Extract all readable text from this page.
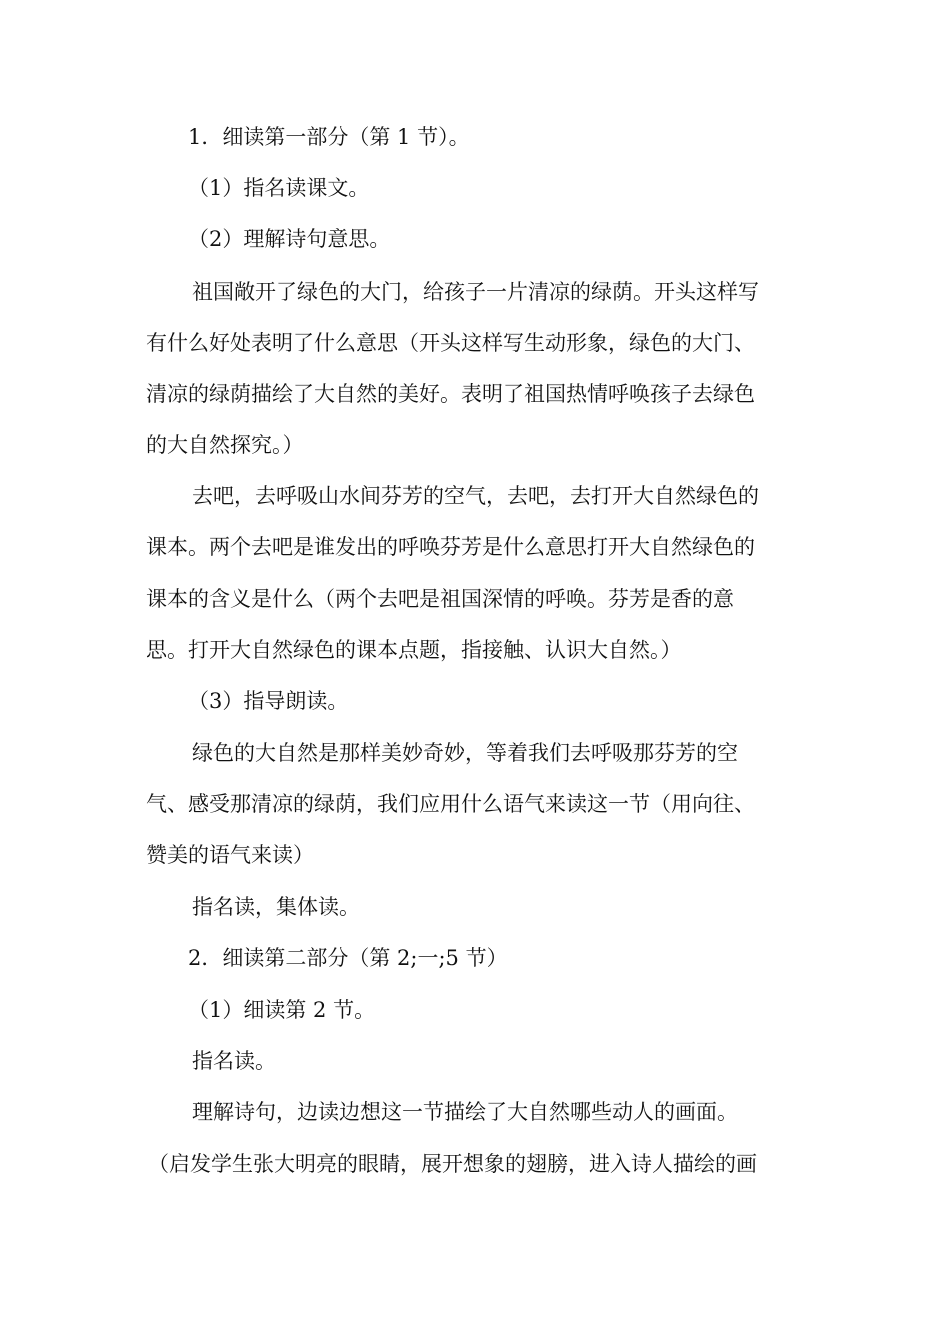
1．细读第一部分（第 1 节）。

（1）指名读课文。

（2）理解诗句意思。

祖国敞开了绿色的大门，给孩子一片清凉的绿荫。开头这样写

有什么好处表明了什么意思（开头这样写生动形象，绿色的大门、

清凉的绿荫描绘了大自然的美好。表明了祖国热情呼唤孩子去绿色

的大自然探究。）

去吧，去呼吸山水间芬芳的空气，去吧，去打开大自然绿色的

课本。两个去吧是谁发出的呼唤芬芳是什么意思打开大自然绿色的

课本的含义是什么（两个去吧是祖国深情的呼唤。芬芳是香的意

思。打开大自然绿色的课本点题，指接触、认识大自然。）

（3）指导朗读。

绿色的大自然是那样美妙奇妙，等着我们去呼吸那芬芳的空

气、感受那清凉的绿荫，我们应用什么语气来读这一节（用向往、

赞美的语气来读）

指名读，集体读。

2．细读第二部分（第 2;一;5 节）

（1）细读第 2 节。

指名读。

理解诗句，边读边想这一节描绘了大自然哪些动人的画面。

（启发学生张大明亮的眼睛，展开想象的翅膀，进入诗人描绘的画
